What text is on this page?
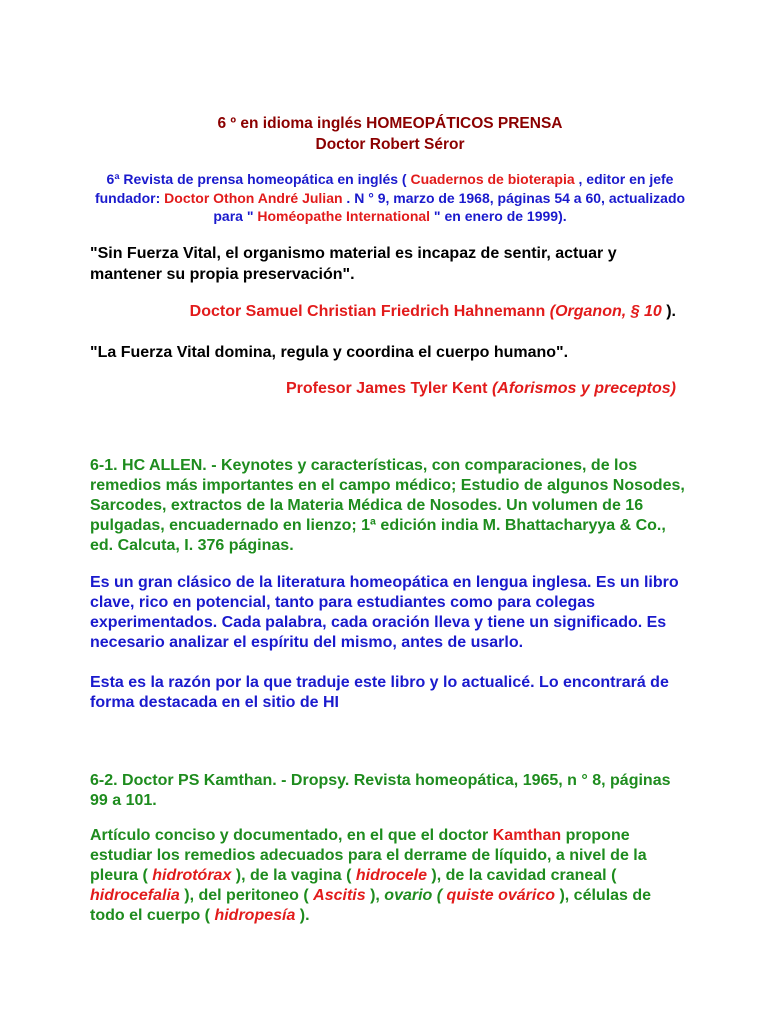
6 º en idioma inglés HOMEOPÁTICOS PRENSA
Doctor Robert Séror
6ª Revista de prensa homeopática en inglés ( Cuadernos de bioterapia , editor en jefe fundador: Doctor Othon André Julian . N ° 9, marzo de 1968, páginas 54 a 60, actualizado para " Homéopathe International " en enero de 1999).
"Sin Fuerza Vital, el organismo material es incapaz de sentir, actuar y mantener su propia preservación".
Doctor Samuel Christian Friedrich Hahnemann (Organon, § 10 ).
"La Fuerza Vital domina, regula y coordina el cuerpo humano".
Profesor James Tyler Kent (Aforismos y preceptos)
6-1. HC ALLEN. - Keynotes y características, con comparaciones, de los remedios más importantes en el campo médico; Estudio de algunos Nosodes, Sarcodes, extractos de la Materia Médica de Nosodes. Un volumen de 16 pulgadas, encuadernado en lienzo; 1ª edición india M. Bhattacharyya & Co., ed. Calcuta, I. 376 páginas.
Es un gran clásico de la literatura homeopática en lengua inglesa. Es un libro clave, rico en potencial, tanto para estudiantes como para colegas experimentados. Cada palabra, cada oración lleva y tiene un significado. Es necesario analizar el espíritu del mismo, antes de usarlo.
Esta es la razón por la que traduje este libro y lo actualicé. Lo encontrará de forma destacada en el sitio de HI
6-2. Doctor PS Kamthan. - Dropsy. Revista homeopática, 1965, n ° 8, páginas 99 a 101.
Artículo conciso y documentado, en el que el doctor Kamthan propone estudiar los remedios adecuados para el derrame de líquido, a nivel de la pleura ( hidrotórax ), de la vagina ( hidrocele ), de la cavidad craneal ( hidrocefalia ), del peritoneo ( Ascitis ), ovario ( quiste ovárico ), células de todo el cuerpo ( hidropesía ).
